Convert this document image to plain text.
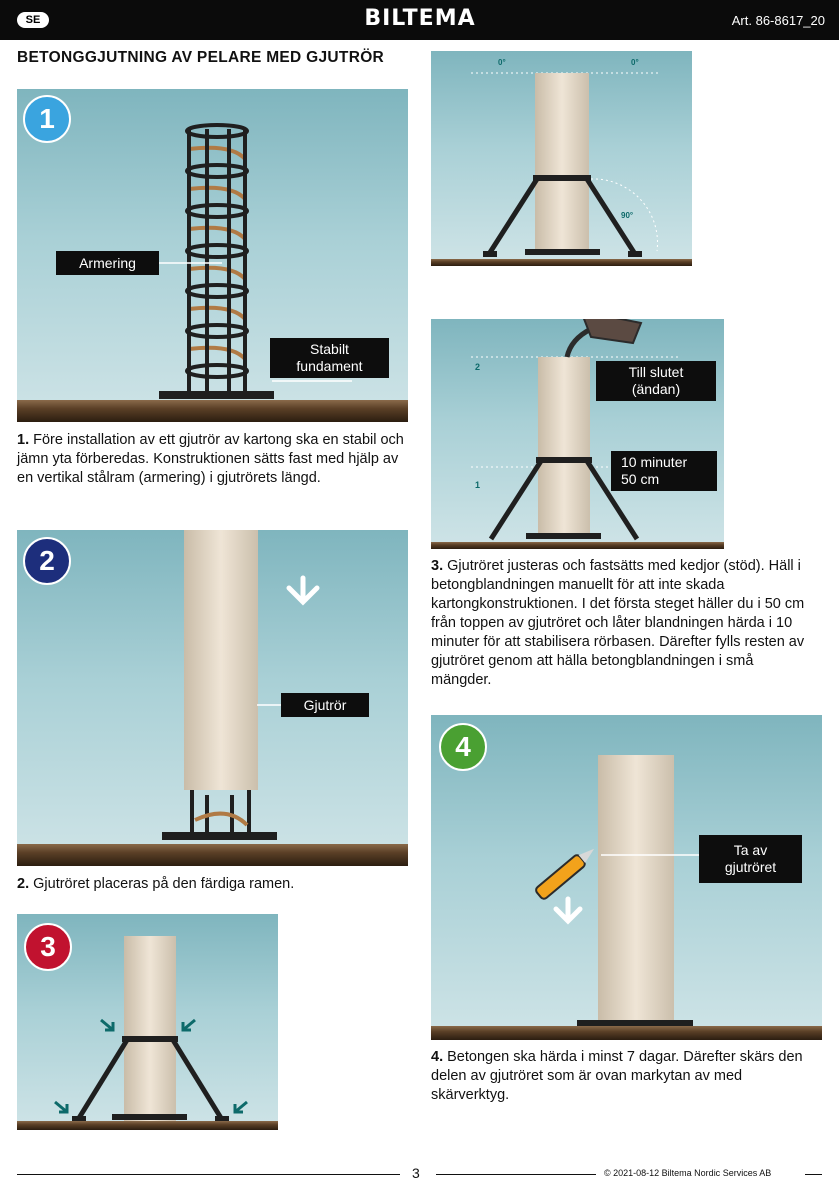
SE	BILTEMA	Art. 86-8617_20
BETONGGJUTNING AV PELARE MED GJUTRÖR
1
Armering
Stabilt
fundament
1. Före installation av ett gjutrör av kartong ska en stabil och jämn yta förberedas. Konstruktionen sätts fast med hjälp av en vertikal stålram (armering) i gjutrörets längd.
2
Gjutrör
2. Gjutröret placeras på den färdiga ramen.
3
0°	0°
90°
2
1
Till slutet
(ändan)
10 minuter
50 cm
3. Gjutröret justeras och fastsätts med kedjor (stöd). Häll i betongblandningen manuellt för att inte skada kartongkonstruktionen. I det första steget häller du i 50 cm från toppen av gjutröret och låter blandningen härda i 10 minuter för att stabilisera rörbasen. Därefter fylls resten av gjutröret genom att hälla betongblandningen i små mängder.
4
Ta av
gjutröret
4. Betongen ska härda i minst 7 dagar. Därefter skärs den delen av gjutröret som är ovan markytan av med skärverktyg.
3	© 2021-08-12 Biltema Nordic Services AB
